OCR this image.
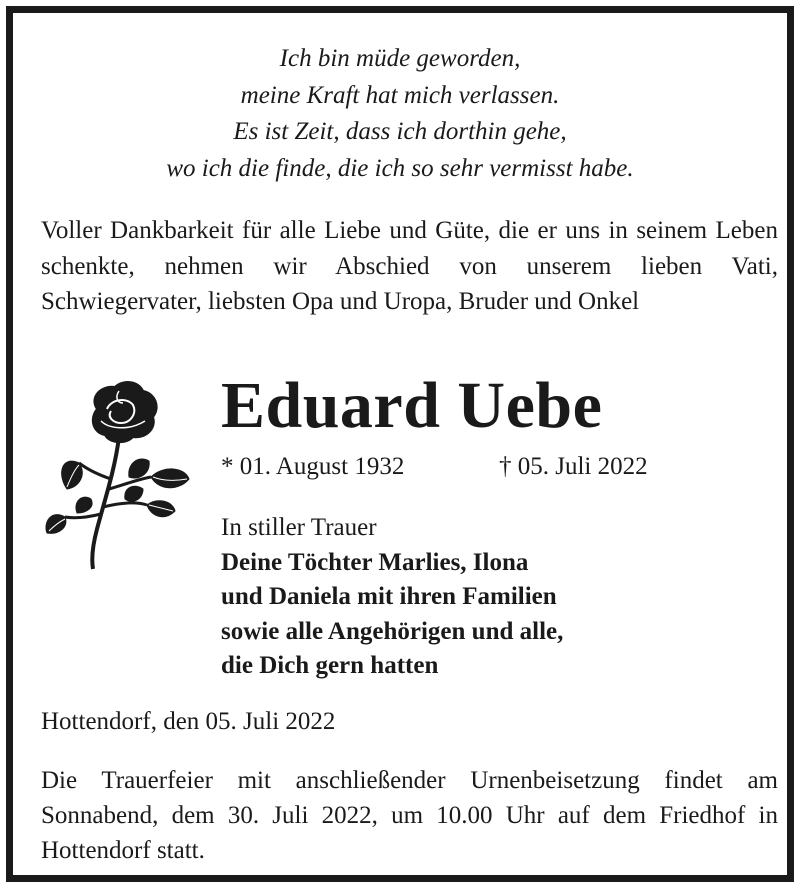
Ich bin müde geworden,
meine Kraft hat mich verlassen.
Es ist Zeit, dass ich dorthin gehe,
wo ich die finde, die ich so sehr vermisst habe.
Voller Dankbarkeit für alle Liebe und Güte, die er uns in seinem Leben schenkte, nehmen wir Abschied von unserem lieben Vati, Schwiegervater, liebsten Opa und Uropa, Bruder und Onkel
Eduard Uebe
* 01. August 1932	† 05. Juli 2022
In stiller Trauer
Deine Töchter Marlies, Ilona
und Daniela mit ihren Familien
sowie alle Angehörigen und alle,
die Dich gern hatten
Hottendorf, den 05. Juli 2022
Die Trauerfeier mit anschließender Urnenbeisetzung findet am Sonnabend, dem 30. Juli 2022, um 10.00 Uhr auf dem Friedhof in Hottendorf statt.
